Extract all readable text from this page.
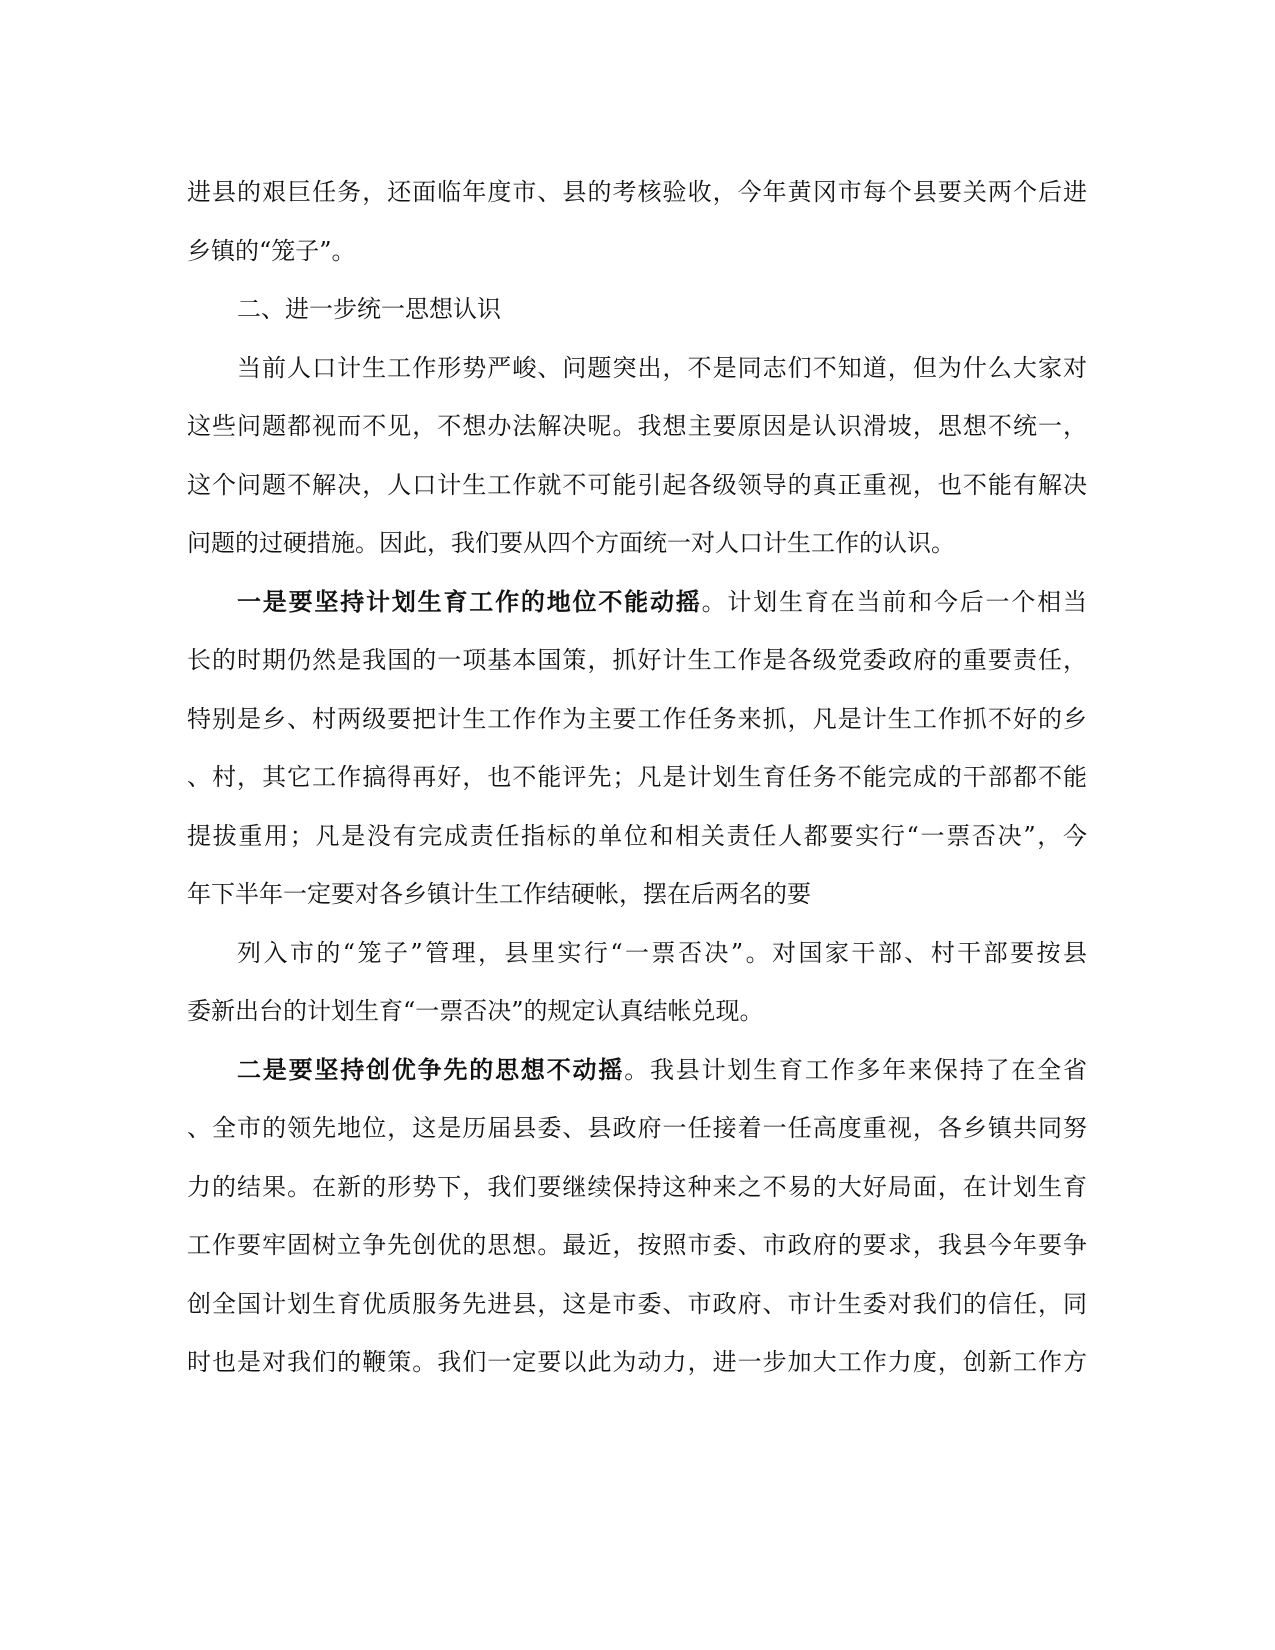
进县的艰巨任务，还面临年度市、县的考核验收，今年黄冈市每个县要关两个后进
乡镇的“笼子”。
二、进一步统一思想认识
当前人口计生工作形势严峻、问题突出，不是同志们不知道，但为什么大家对
这些问题都视而不见，不想办法解决呢。我想主要原因是认识滑坡，思想不统一，
这个问题不解决，人口计生工作就不可能引起各级领导的真正重视，也不能有解决
问题的过硬措施。因此，我们要从四个方面统一对人口计生工作的认识。
一是要坚持计划生育工作的地位不能动摇。计划生育在当前和今后一个相当
长的时期仍然是我国的一项基本国策，抓好计生工作是各级党委政府的重要责任，
特别是乡、村两级要把计生工作作为主要工作任务来抓，凡是计生工作抓不好的乡
、村，其它工作搞得再好，也不能评先；凡是计划生育任务不能完成的干部都不能
提拔重用；凡是没有完成责任指标的单位和相关责任人都要实行“一票否决”，今
年下半年一定要对各乡镇计生工作结硬帐，摆在后两名的要
列入市的“笼子”管理，县里实行“一票否决”。对国家干部、村干部要按县
委新出台的计划生育“一票否决”的规定认真结帐兑现。
二是要坚持创优争先的思想不动摇。我县计划生育工作多年来保持了在全省
、全市的领先地位，这是历届县委、县政府一任接着一任高度重视，各乡镇共同努
力的结果。在新的形势下，我们要继续保持这种来之不易的大好局面，在计划生育
工作要牢固树立争先创优的思想。最近，按照市委、市政府的要求，我县今年要争
创全国计划生育优质服务先进县，这是市委、市政府、市计生委对我们的信任，同
时也是对我们的鞭策。我们一定要以此为动力，进一步加大工作力度，创新工作方
